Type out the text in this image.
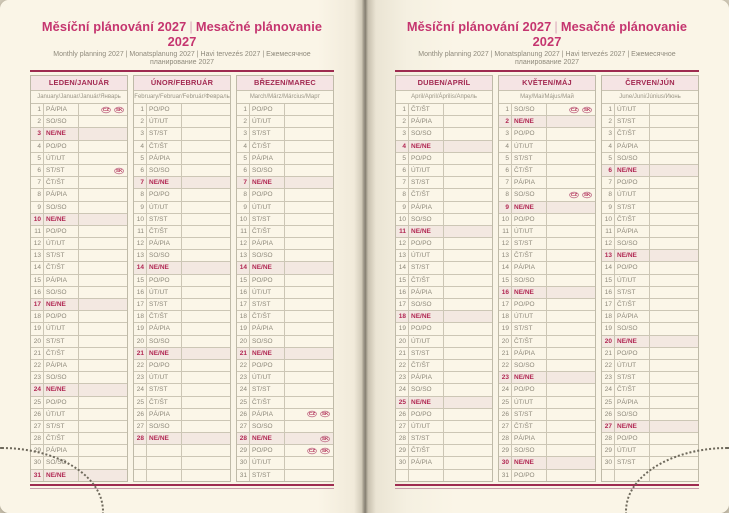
Měsíční plánování 2027 | Mesačné plánovanie 2027
Monthly planning 2027 | Monatsplanung 2027 | Havi tervezés 2027 | Ежемесячное планирование 2027
LEDEN/JANUÁR
January/Januar/Január/Январь
1 PÁ/PIA	CZ SK
2 SO/SO
3 NE/NE
4 PO/PO
5 ÚT/UT
6 ST/ST	SK
7 ČT/ŠT
8 PÁ/PIA
9 SO/SO
10 NE/NE
11 PO/PO
12 ÚT/UT
13 ST/ST
14 ČT/ŠT
15 PÁ/PIA
16 SO/SO
17 NE/NE
18 PO/PO
19 ÚT/UT
20 ST/ST
21 ČT/ŠT
22 PÁ/PIA
23 SO/SO
24 NE/NE
25 PO/PO
26 ÚT/UT
27 ST/ST
28 ČT/ŠT
29 PÁ/PIA
30 SO/SO
31 NE/NE
ÚNOR/FEBRUÁR
February/Februar/Február/Февраль
1 PO/PO
2 ÚT/UT
3 ST/ST
4 ČT/ŠT
5 PÁ/PIA
6 SO/SO
7 NE/NE
8 PO/PO
9 ÚT/UT
10 ST/ST
11 ČT/ŠT
12 PÁ/PIA
13 SO/SO
14 NE/NE
15 PO/PO
16 ÚT/UT
17 ST/ST
18 ČT/ŠT
19 PÁ/PIA
20 SO/SO
21 NE/NE
22 PO/PO
23 ÚT/UT
24 ST/ST
25 ČT/ŠT
26 PÁ/PIA
27 SO/SO
28 NE/NE
BŘEZEN/MAREC
March/März/Március/Март
1 PO/PO
2 ÚT/UT
3 ST/ST
4 ČT/ŠT
5 PÁ/PIA
6 SO/SO
7 NE/NE
8 PO/PO
9 ÚT/UT
10 ST/ST
11 ČT/ŠT
12 PÁ/PIA
13 SO/SO
14 NE/NE
15 PO/PO
16 ÚT/UT
17 ST/ST
18 ČT/ŠT
19 PÁ/PIA
20 SO/SO
21 NE/NE
22 PO/PO
23 ÚT/UT
24 ST/ST
25 ČT/ŠT
26 PÁ/PIA	CZ SK
27 SO/SO
28 NE/NE	SK
29 PO/PO	CZ SK
30 ÚT/UT
31 ST/ST
Měsíční plánování 2027 | Mesačné plánovanie 2027
Monthly planning 2027 | Monatsplanung 2027 | Havi tervezés 2027 | Ежемесячное планирование 2027
DUBEN/APRÍL
April/April/Április/Апрель
1 ČT/ŠT
2 PÁ/PIA
3 SO/SO
4 NE/NE
5 PO/PO
6 ÚT/UT
7 ST/ST
8 ČT/ŠT
9 PÁ/PIA
10 SO/SO
11 NE/NE
12 PO/PO
13 ÚT/UT
14 ST/ST
15 ČT/ŠT
16 PÁ/PIA
17 SO/SO
18 NE/NE
19 PO/PO
20 ÚT/UT
21 ST/ST
22 ČT/ŠT
23 PÁ/PIA
24 SO/SO
25 NE/NE
26 PO/PO
27 ÚT/UT
28 ST/ST
29 ČT/ŠT
30 PÁ/PIA
KVĚTEN/MÁJ
May/Mai/Május/Май
1 SO/SO	CZ SK
2 NE/NE
3 PO/PO
4 ÚT/UT
5 ST/ST
6 ČT/ŠT
7 PÁ/PIA
8 SO/SO	CZ SK
9 NE/NE
10 PO/PO
11 ÚT/UT
12 ST/ST
13 ČT/ŠT
14 PÁ/PIA
15 SO/SO
16 NE/NE
17 PO/PO
18 ÚT/UT
19 ST/ST
20 ČT/ŠT
21 PÁ/PIA
22 SO/SO
23 NE/NE
24 PO/PO
25 ÚT/UT
26 ST/ST
27 ČT/ŠT
28 PÁ/PIA
29 SO/SO
30 NE/NE
31 PO/PO
ČERVEN/JÚN
June/Juni/Június/Июнь
1 ÚT/UT
2 ST/ST
3 ČT/ŠT
4 PÁ/PIA
5 SO/SO
6 NE/NE
7 PO/PO
8 ÚT/UT
9 ST/ST
10 ČT/ŠT
11 PÁ/PIA
12 SO/SO
13 NE/NE
14 PO/PO
15 ÚT/UT
16 ST/ST
17 ČT/ŠT
18 PÁ/PIA
19 SO/SO
20 NE/NE
21 PO/PO
22 ÚT/UT
23 ST/ST
24 ČT/ŠT
25 PÁ/PIA
26 SO/SO
27 NE/NE
28 PO/PO
29 ÚT/UT
30 ST/ST
